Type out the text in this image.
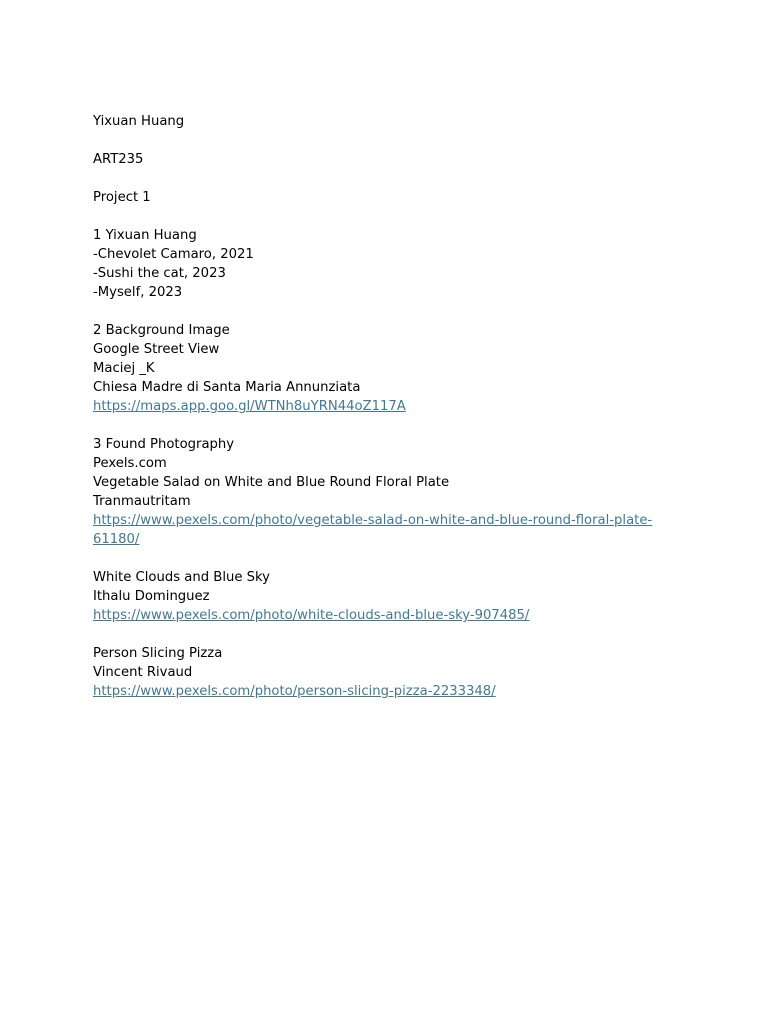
Yixuan Huang
ART235
Project 1
1 Yixuan Huang
-Chevolet Camaro, 2021
-Sushi the cat, 2023
-Myself, 2023
2 Background Image
Google Street View
Maciej _K
Chiesa Madre di Santa Maria Annunziata
https://maps.app.goo.gl/WTNh8uYRN44oZ117A
3 Found Photography
Pexels.com
Vegetable Salad on White and Blue Round Floral Plate
Tranmautritam
https://www.pexels.com/photo/vegetable-salad-on-white-and-blue-round-floral-plate-
61180/
White Clouds and Blue Sky
Ithalu Dominguez
https://www.pexels.com/photo/white-clouds-and-blue-sky-907485/
Person Slicing Pizza
Vincent Rivaud
https://www.pexels.com/photo/person-slicing-pizza-2233348/
